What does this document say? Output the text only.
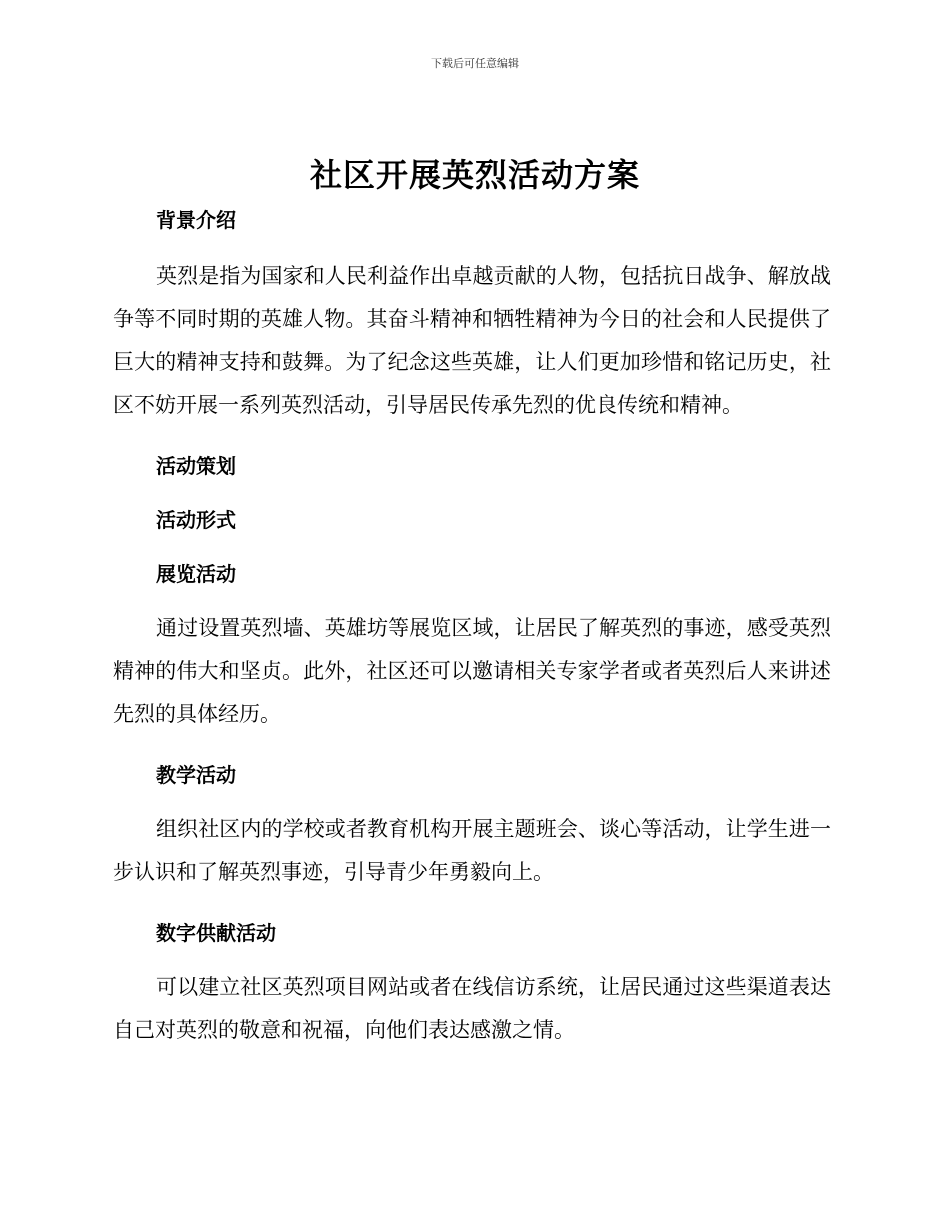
下载后可任意编辑
社区开展英烈活动方案

背景介绍

英烈是指为国家和人民利益作出卓越贡献的人物，包括抗日战争、解放战争等不同时期的英雄人物。其奋斗精神和牺牲精神为今日的社会和人民提供了巨大的精神支持和鼓舞。为了纪念这些英雄，让人们更加珍惜和铭记历史，社区不妨开展一系列英烈活动，引导居民传承先烈的优良传统和精神。

活动策划

活动形式

展览活动

通过设置英烈墙、英雄坊等展览区域，让居民了解英烈的事迹，感受英烈精神的伟大和坚贞。此外，社区还可以邀请相关专家学者或者英烈后人来讲述先烈的具体经历。

教学活动

组织社区内的学校或者教育机构开展主题班会、谈心等活动，让学生进一步认识和了解英烈事迹，引导青少年勇毅向上。

数字供献活动

可以建立社区英烈项目网站或者在线信访系统，让居民通过这些渠道表达自己对英烈的敬意和祝福，向他们表达感激之情。
